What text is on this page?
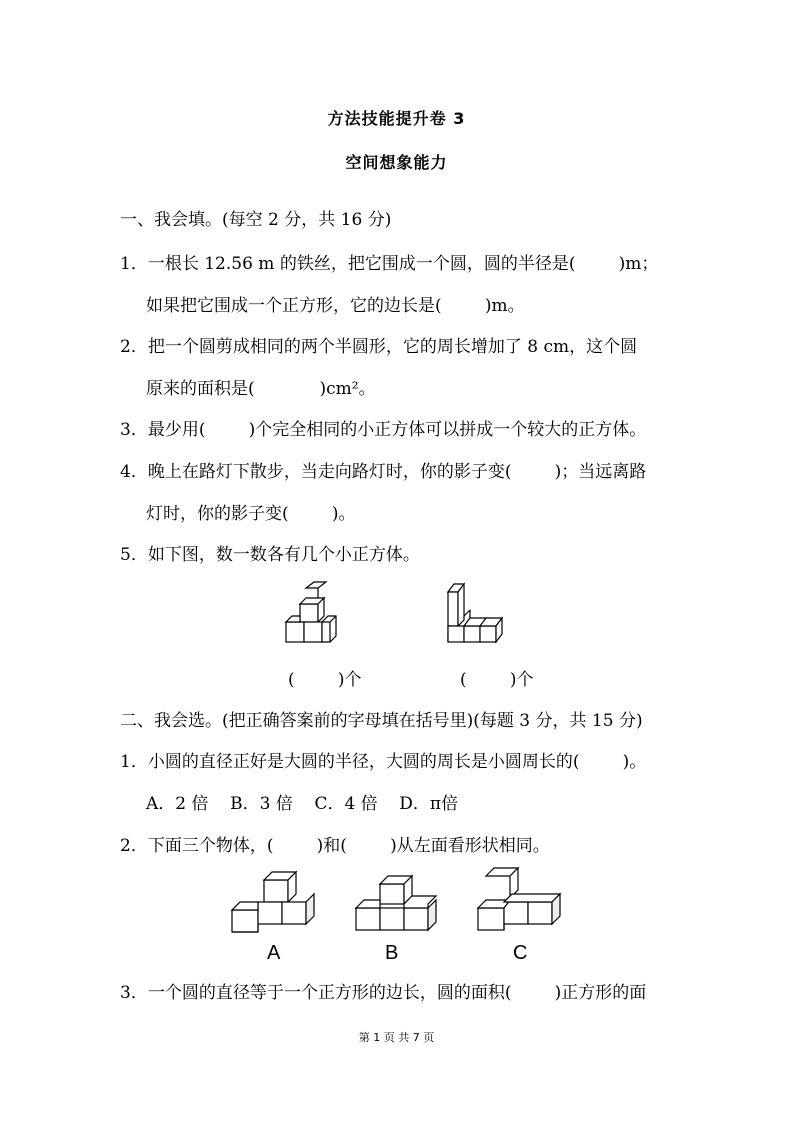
方法技能提升卷 3
空间想象能力
一、我会填。(每空 2 分，共 16 分)
1．一根长 12.56 m 的铁丝，把它围成一个圆，圆的半径是(        )m；
如果把它围成一个正方形，它的边长是(        )m。
2．把一个圆剪成相同的两个半圆形，它的周长增加了 8 cm，这个圆
原来的面积是(            )cm²。
3．最少用(        )个完全相同的小正方体可以拼成一个较大的正方体。
4．晚上在路灯下散步，当走向路灯时，你的影子变(        )；当远离路
灯时，你的影子变(        )。
5．如下图，数一数各有几个小正方体。
(        )个	(        )个
二、我会选。(把正确答案前的字母填在括号里)(每题 3 分，共 15 分)
1．小圆的直径正好是大圆的半径，大圆的周长是小圆周长的(        )。
A．2 倍    B．3 倍    C．4 倍    D．π倍
2．下面三个物体，(        )和(        )从左面看形状相同。
A	B	C
3．一个圆的直径等于一个正方形的边长，圆的面积(        )正方形的面
第 1 页 共 7 页
